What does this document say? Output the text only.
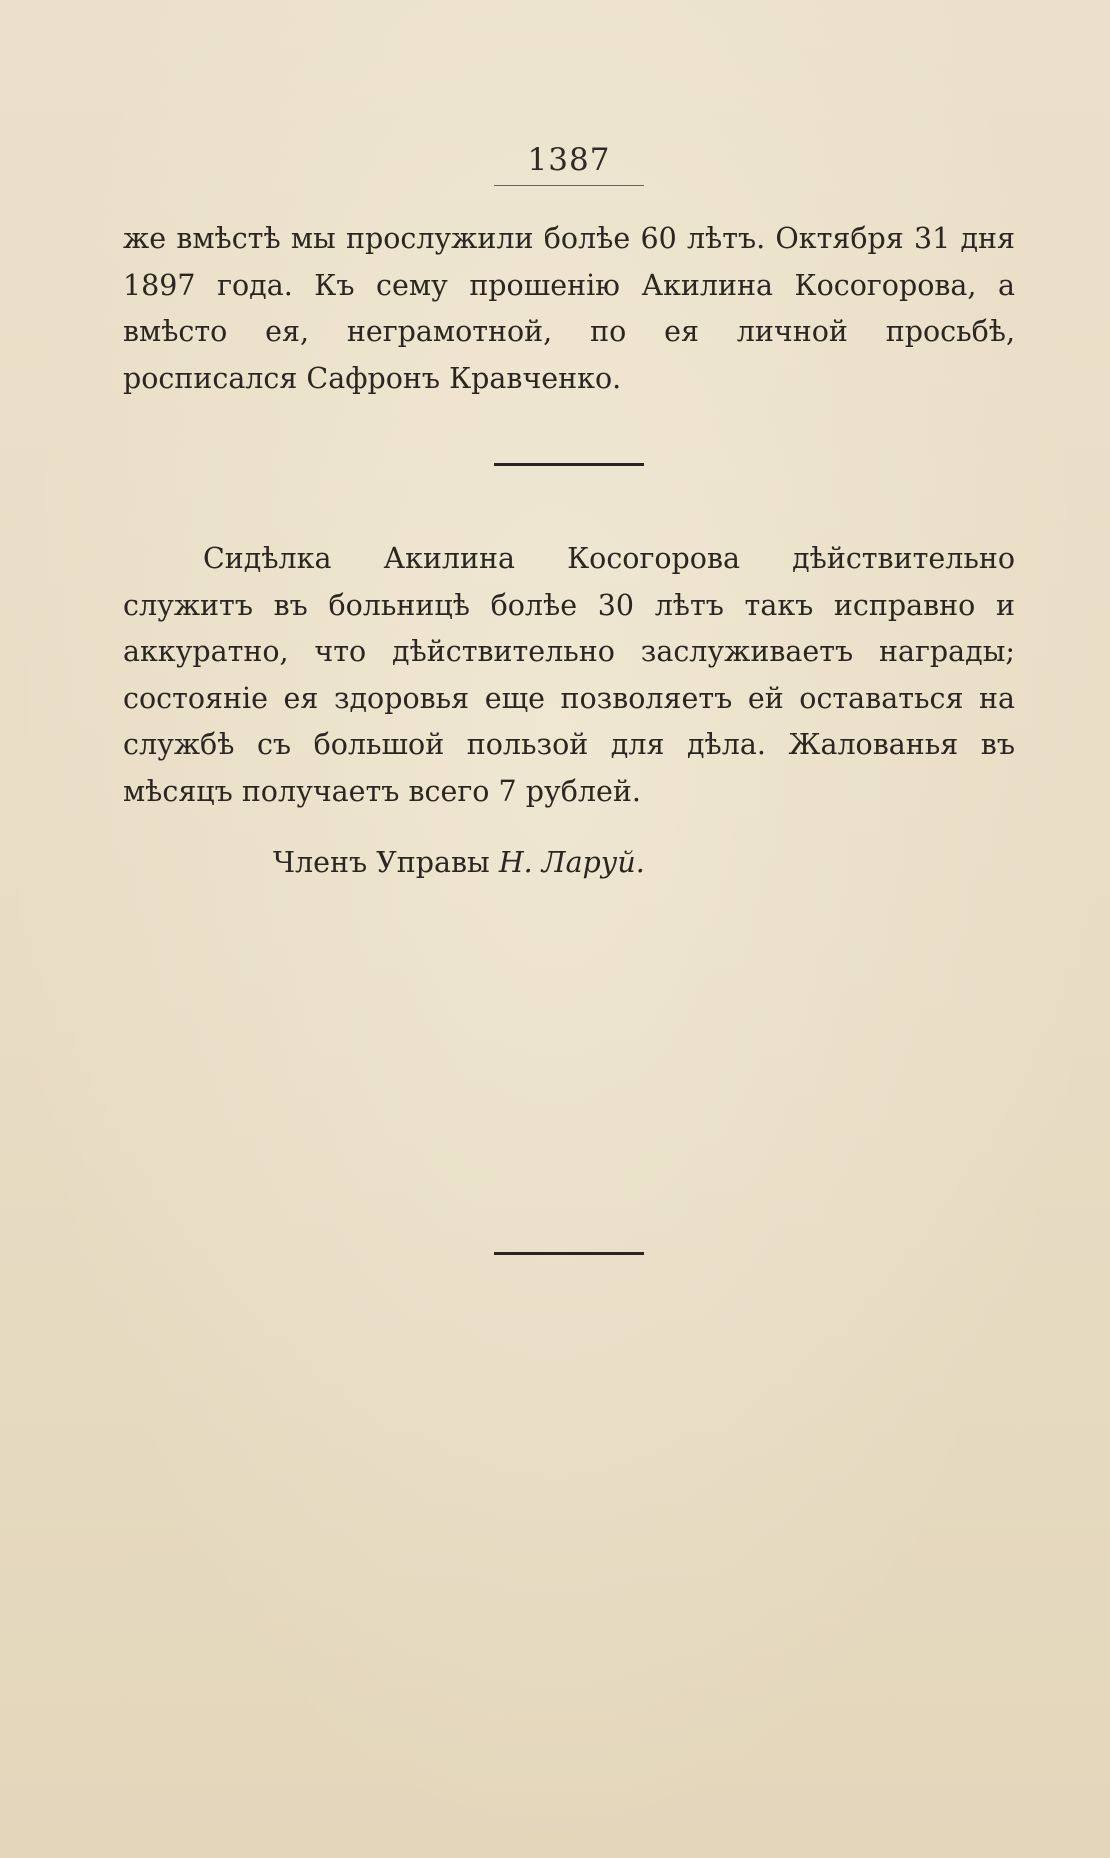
1387
же вмѣстѣ мы прослужили болѣе 60 лѣтъ. Октября 31 дня 1897 года. Къ сему прошенію Акилина Косогорова, а вмѣсто ея, неграмотной, по ея личной просьбѣ, росписался Сафронъ Кравченко.
Сидѣлка Акилина Косогорова дѣйствительно служитъ въ больницѣ болѣе 30 лѣтъ такъ исправно и аккуратно, что дѣйствительно заслуживаетъ награды; состояніе ея здоровья еще позволяетъ ей оставаться на службѣ съ большой пользой для дѣла. Жалованья въ мѣсяцъ получаетъ всего 7 рублей.
Членъ Управы Н. Ларуй.
